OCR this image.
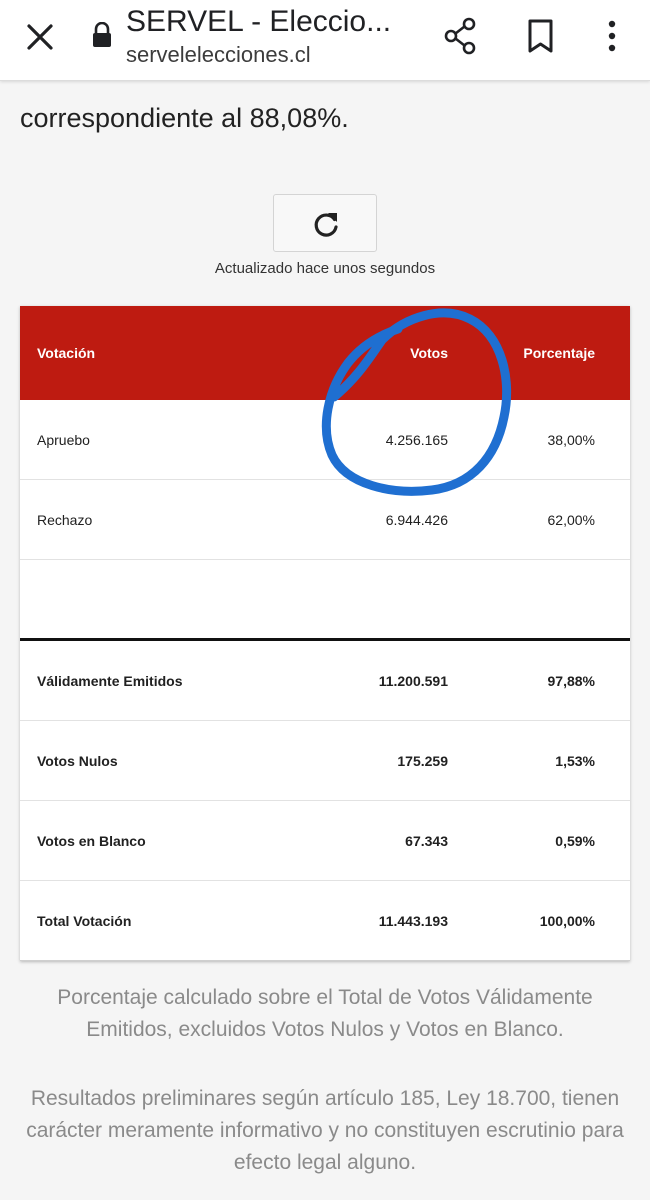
SERVEL - Eleccio...
servelelecciones.cl
correspondiente al 88,08%.
Actualizado hace unos segundos
Votación	Votos	Porcentaje
Apruebo	4.256.165	38,00%
Rechazo	6.944.426	62,00%
Válidamente Emitidos	11.200.591	97,88%
Votos Nulos	175.259	1,53%
Votos en Blanco	67.343	0,59%
Total Votación	11.443.193	100,00%
Porcentaje calculado sobre el Total de Votos Válidamente Emitidos, excluidos Votos Nulos y Votos en Blanco.
Resultados preliminares según artículo 185, Ley 18.700, tienen carácter meramente informativo y no constituyen escrutinio para efecto legal alguno.
